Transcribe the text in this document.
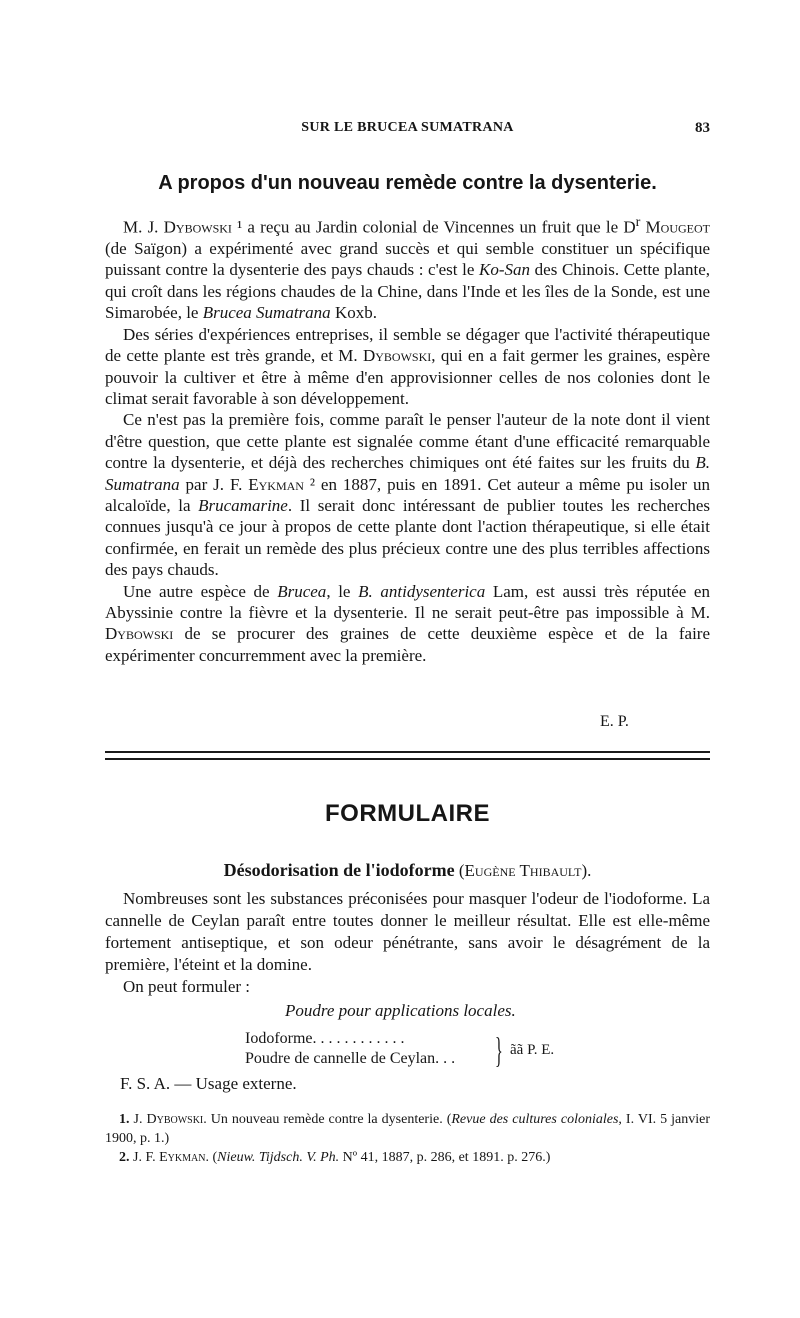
SUR LE BRUCEA SUMATRANA	83
A propos d'un nouveau remède contre la dysenterie.

M. J. Dybowski ¹ a reçu au Jardin colonial de Vincennes un fruit que le $D^r$ Mougeot (de Saïgon) a expérimenté avec grand succès et qui semble constituer un spécifique puissant contre la dysenterie des pays chauds : c'est le Ko-San des Chinois. Cette plante, qui croît dans les régions chaudes de la Chine, dans l'Inde et les îles de la Sonde, est une Simarobée, le Brucea Sumatrana Koxb.

Des séries d'expériences entreprises, il semble se dégager que l'activité thérapeutique de cette plante est très grande, et M. Dybowski, qui en a fait germer les graines, espère pouvoir la cultiver et être à même d'en approvisionner celles de nos colonies dont le climat serait favorable à son développement.

Ce n'est pas la première fois, comme paraît le penser l'auteur de la note dont il vient d'être question, que cette plante est signalée comme étant d'une efficacité remarquable contre la dysenterie, et déjà des recherches chimiques ont été faites sur les fruits du B. Sumatrana par J. F. Eykman ² en 1887, puis en 1891. Cet auteur a même pu isoler un alcaloïde, la Brucamarine. Il serait donc intéressant de publier toutes les recherches connues jusqu'à ce jour à propos de cette plante dont l'action thérapeutique, si elle était confirmée, en ferait un remède des plus précieux contre une des plus terribles affections des pays chauds.

Une autre espèce de Brucea, le B. antidysenterica Lam, est aussi très réputée en Abyssinie contre la fièvre et la dysenterie. Il ne serait peut-être pas impossible à M. Dybowski de se procurer des graines de cette deuxième espèce et de la faire expérimenter concurremment avec la première.

E. P.
FORMULAIRE
Désodorisation de l'iodoforme (Eugène Thibault).

Nombreuses sont les substances préconisées pour masquer l'odeur de l'iodoforme. La cannelle de Ceylan paraît entre toutes donner le meilleur résultat. Elle est elle-même fortement antiseptique, et son odeur pénétrante, sans avoir le désagrément de la première, l'éteint et la domine.

On peut formuler :

Poudre pour applications locales.
Iodoforme. . . . . . . . . . . .
Poudre de cannelle de Ceylan. . . } ãã P. E.
F. S. A. — Usage externe.

1. J. Dybowski. Un nouveau remède contre la dysenterie. (Revue des cultures coloniales, I. VI. 5 janvier 1900, p. 1.)

2. J. F. Eykman. (Nieuw. Tijdsch. V. Ph. Nº 41, 1887, p. 286, et 1891. p. 276.)
